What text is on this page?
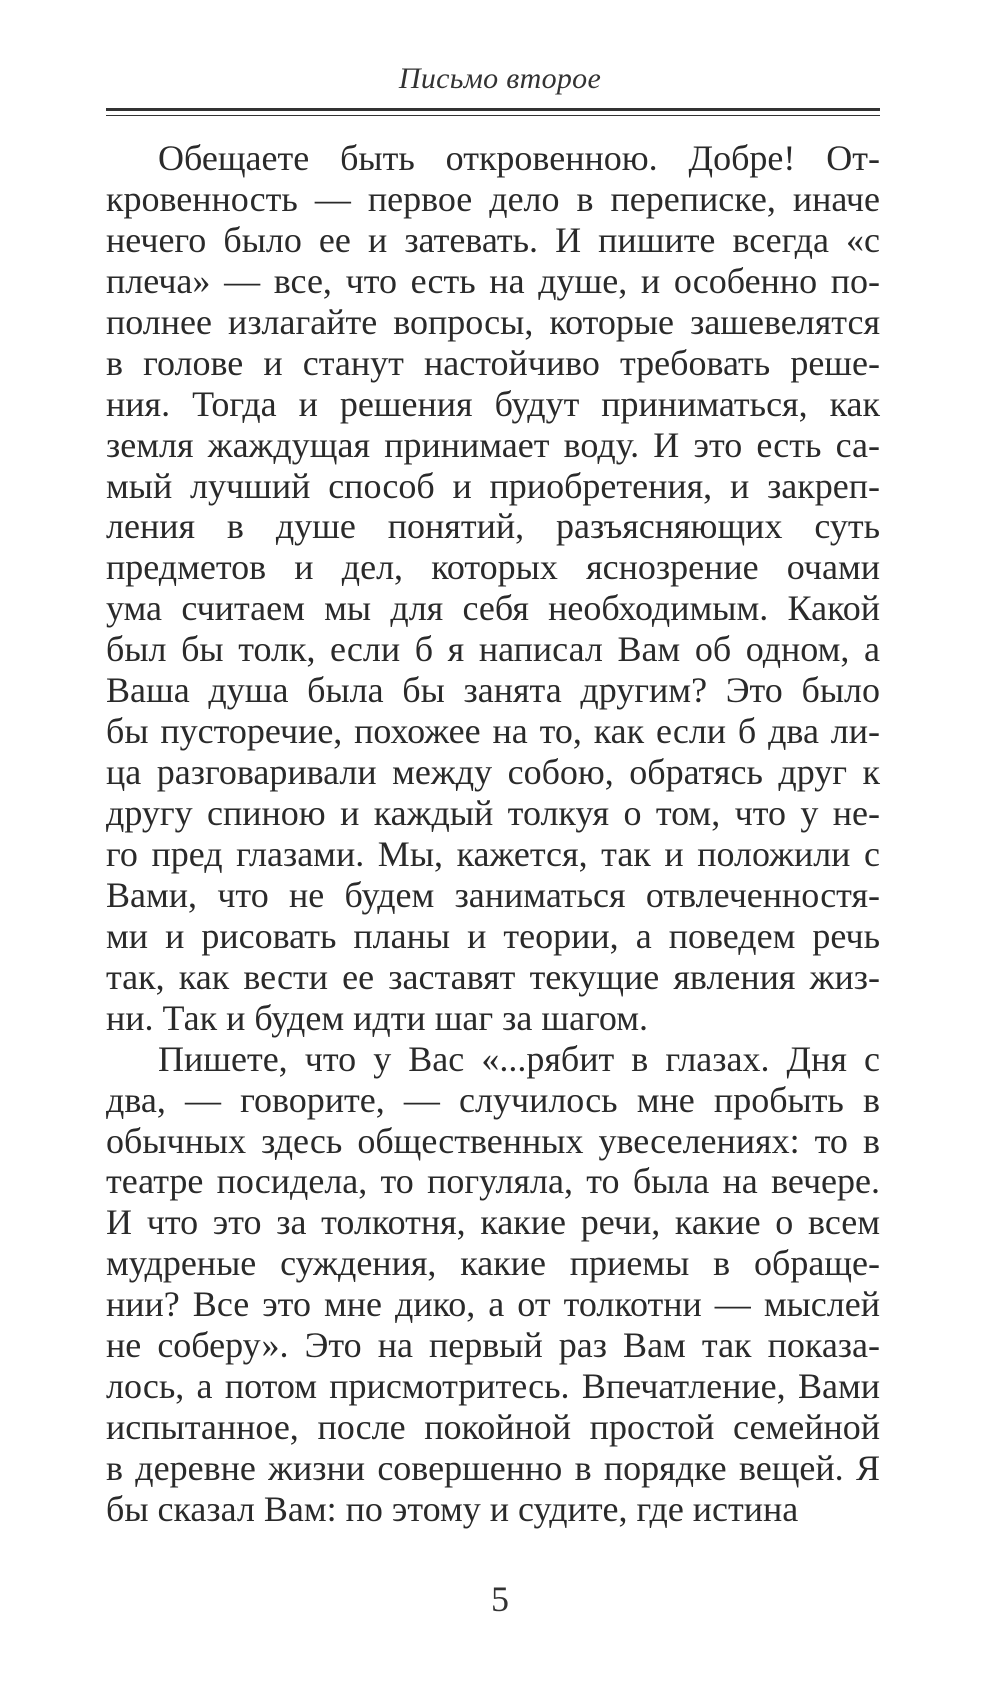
Письмо второе
Обещаете быть откровенною. Добре! От-
кровенность — первое дело в переписке, иначе
нечего было ее и затевать. И пишите всегда «с
плеча» — все, что есть на душе, и особенно по-
полнее излагайте вопросы, которые зашевелятся
в голове и станут настойчиво требовать реше-
ния. Тогда и решения будут приниматься, как
земля жаждущая принимает воду. И это есть са-
мый лучший способ и приобретения, и закреп-
ления в душе понятий, разъясняющих суть
предметов и дел, которых яснозрение очами
ума считаем мы для себя необходимым. Какой
был бы толк, если б я написал Вам об одном, а
Ваша душа была бы занята другим? Это было
бы пусторечие, похожее на то, как если б два ли-
ца разговаривали между собою, обратясь друг к
другу спиною и каждый толкуя о том, что у не-
го пред глазами. Мы, кажется, так и положили с
Вами, что не будем заниматься отвлеченностя-
ми и рисовать планы и теории, а поведем речь
так, как вести ее заставят текущие явления жиз-
ни. Так и будем идти шаг за шагом.
Пишете, что у Вас «...рябит в глазах. Дня с
два, — говорите, — случилось мне пробыть в
обычных здесь общественных увеселениях: то в
театре посидела, то погуляла, то была на вечере.
И что это за толкотня, какие речи, какие о всем
мудреные суждения, какие приемы в обраще-
нии? Все это мне дико, а от толкотни — мыслей
не соберу». Это на первый раз Вам так показа-
лось, а потом присмотритесь. Впечатление, Вами
испытанное, после покойной простой семейной
в деревне жизни совершенно в порядке вещей. Я
бы сказал Вам: по этому и судите, где истина
5
